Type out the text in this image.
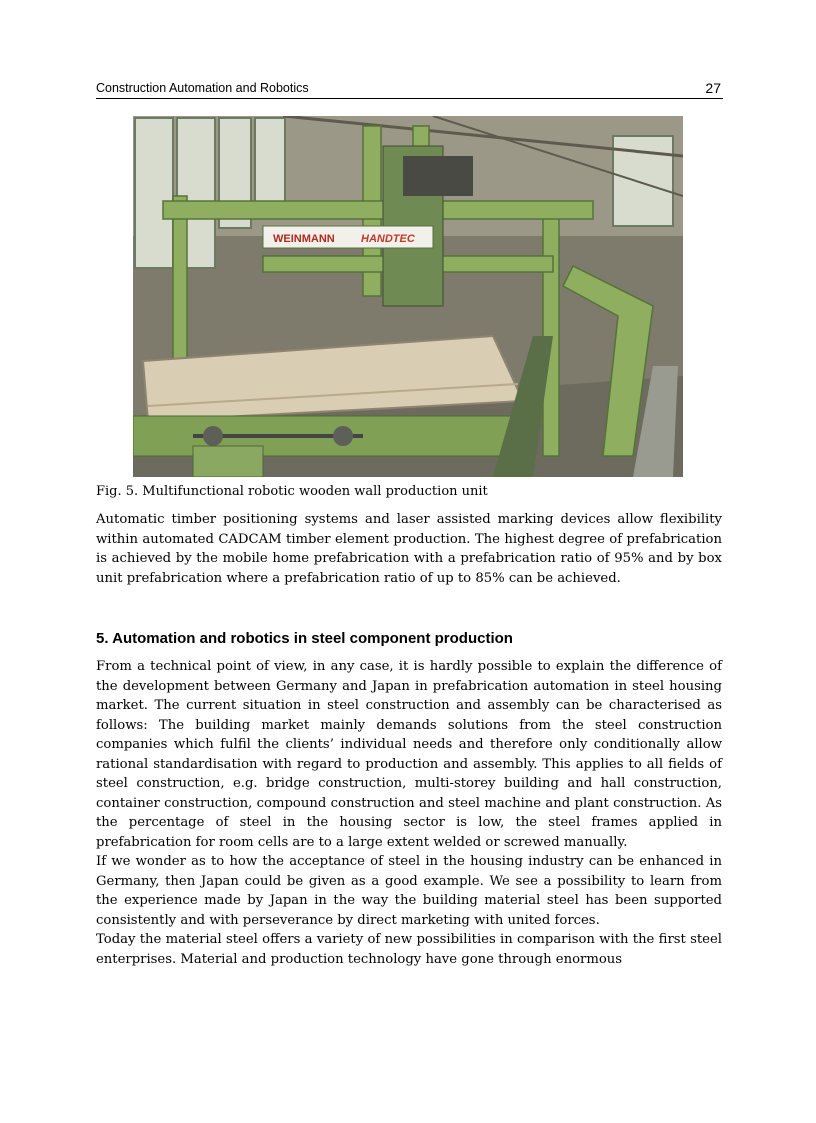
Construction Automation and Robotics	27
WEINMANN HANDTEC
Fig. 5. Multifunctional robotic wooden wall production unit

Automatic timber positioning systems and laser assisted marking devices allow flexibility within automated CADCAM timber element production. The highest degree of prefabrication is achieved by the mobile home prefabrication with a prefabrication ratio of 95% and by box unit prefabrication where a prefabrication ratio of up to 85% can be achieved.

5. Automation and robotics in steel component production

From a technical point of view, in any case, it is hardly possible to explain the difference of the development between Germany and Japan in prefabrication automation in steel housing market. The current situation in steel construction and assembly can be characterised as follows: The building market mainly demands solutions from the steel construction companies which fulfil the clients’ individual needs and therefore only conditionally allow rational standardisation with regard to production and assembly. This applies to all fields of steel construction, e.g. bridge construction, multi-storey building and hall construction, container construction, compound construction and steel machine and plant construction. As the percentage of steel in the housing sector is low, the steel frames applied in prefabrication for room cells are to a large extent welded or screwed manually.

If we wonder as to how the acceptance of steel in the housing industry can be enhanced in Germany, then Japan could be given as a good example. We see a possibility to learn from the experience made by Japan in the way the building material steel has been supported consistently and with perseverance by direct marketing with united forces.

Today the material steel offers a variety of new possibilities in comparison with the first steel enterprises. Material and production technology have gone through enormous
